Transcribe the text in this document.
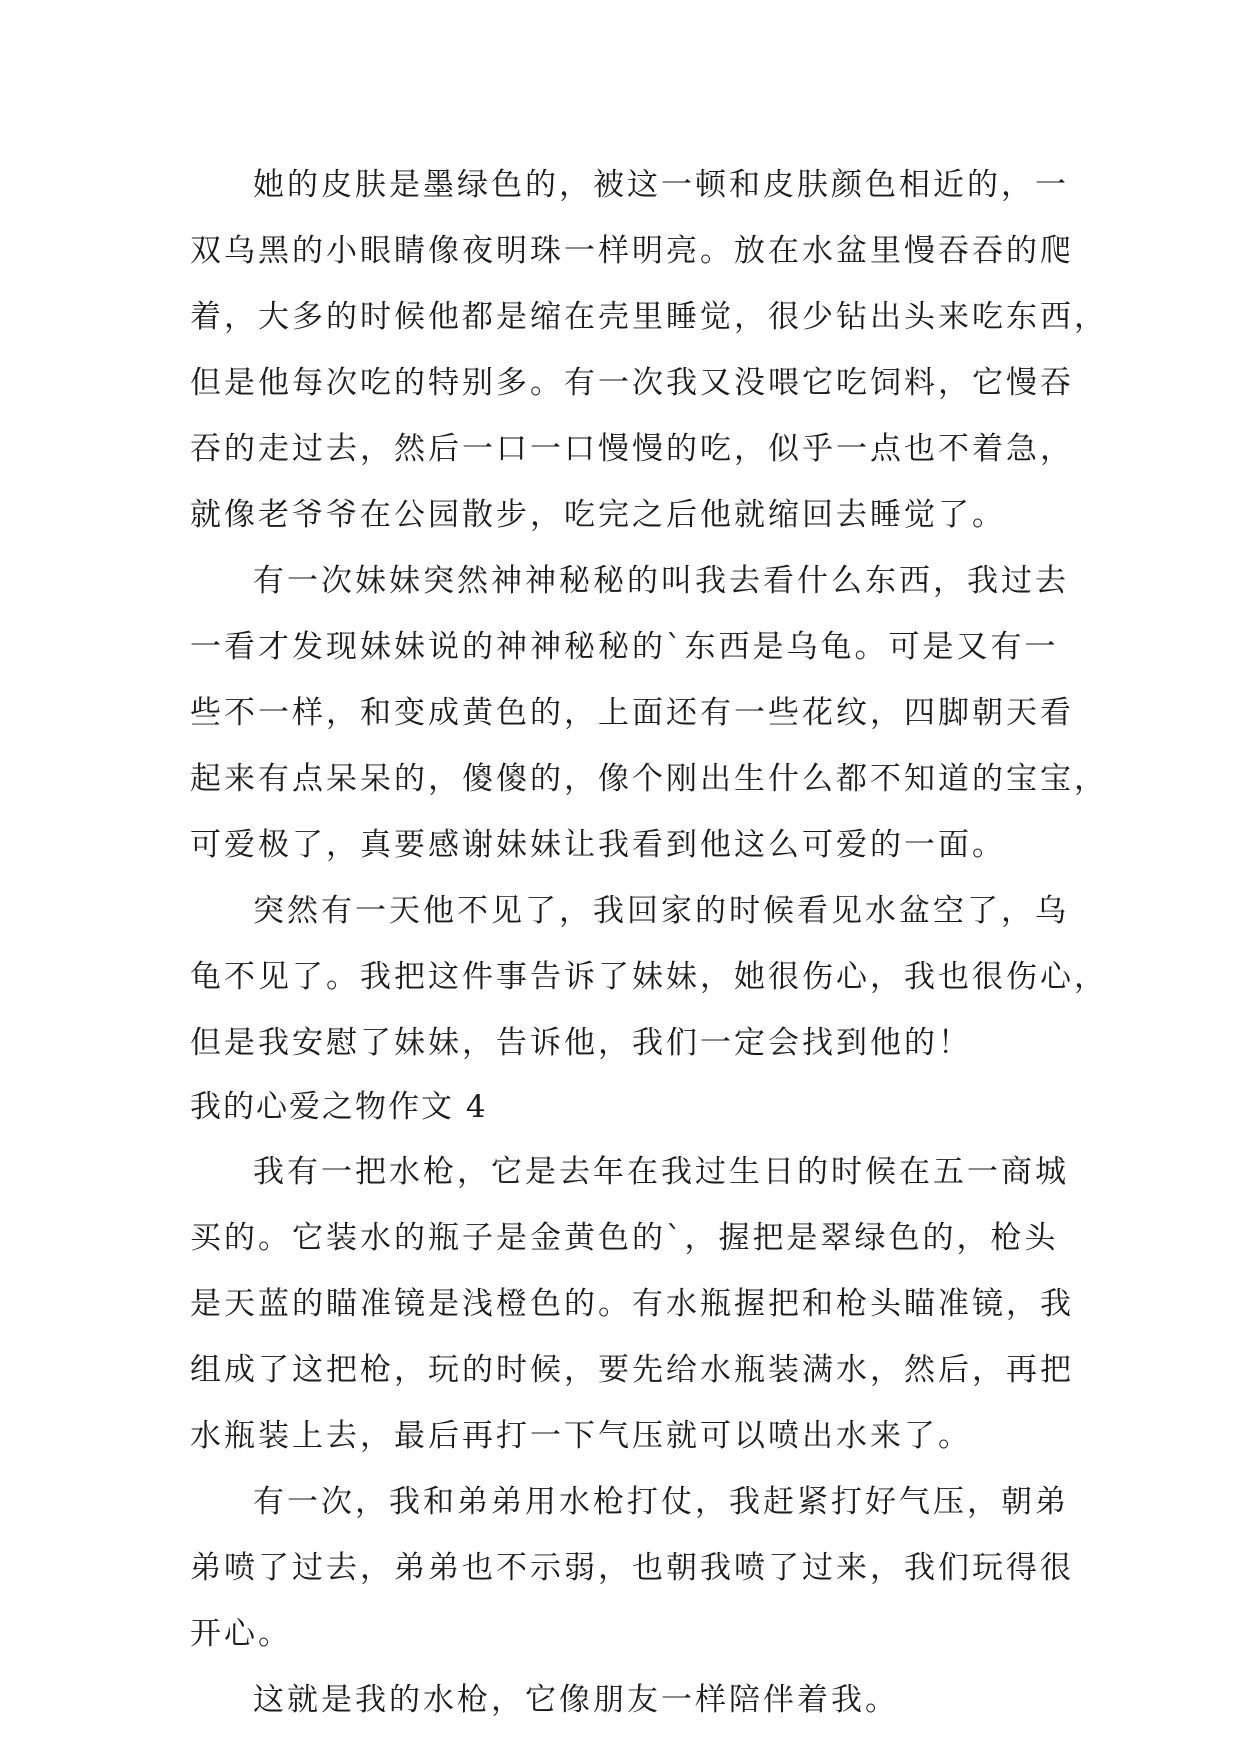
她的皮肤是墨绿色的，被这一顿和皮肤颜色相近的，一
双乌黑的小眼睛像夜明珠一样明亮。放在水盆里慢吞吞的爬
着，大多的时候他都是缩在壳里睡觉，很少钻出头来吃东西，
但是他每次吃的特别多。有一次我又没喂它吃饲料，它慢吞
吞的走过去，然后一口一口慢慢的吃，似乎一点也不着急，
就像老爷爷在公园散步，吃完之后他就缩回去睡觉了。
有一次妹妹突然神神秘秘的叫我去看什么东西，我过去
一看才发现妹妹说的神神秘秘的`东西是乌龟。可是又有一
些不一样，和变成黄色的，上面还有一些花纹，四脚朝天看
起来有点呆呆的，傻傻的，像个刚出生什么都不知道的宝宝，
可爱极了，真要感谢妹妹让我看到他这么可爱的一面。
突然有一天他不见了，我回家的时候看见水盆空了，乌
龟不见了。我把这件事告诉了妹妹，她很伤心，我也很伤心，
但是我安慰了妹妹，告诉他，我们一定会找到他的！
我的心爱之物作文 4
我有一把水枪，它是去年在我过生日的时候在五一商城
买的。它装水的瓶子是金黄色的`，握把是翠绿色的，枪头
是天蓝的瞄准镜是浅橙色的。有水瓶握把和枪头瞄准镜，我
组成了这把枪，玩的时候，要先给水瓶装满水，然后，再把
水瓶装上去，最后再打一下气压就可以喷出水来了。
有一次，我和弟弟用水枪打仗，我赶紧打好气压，朝弟
弟喷了过去，弟弟也不示弱，也朝我喷了过来，我们玩得很
开心。
这就是我的水枪，它像朋友一样陪伴着我。
